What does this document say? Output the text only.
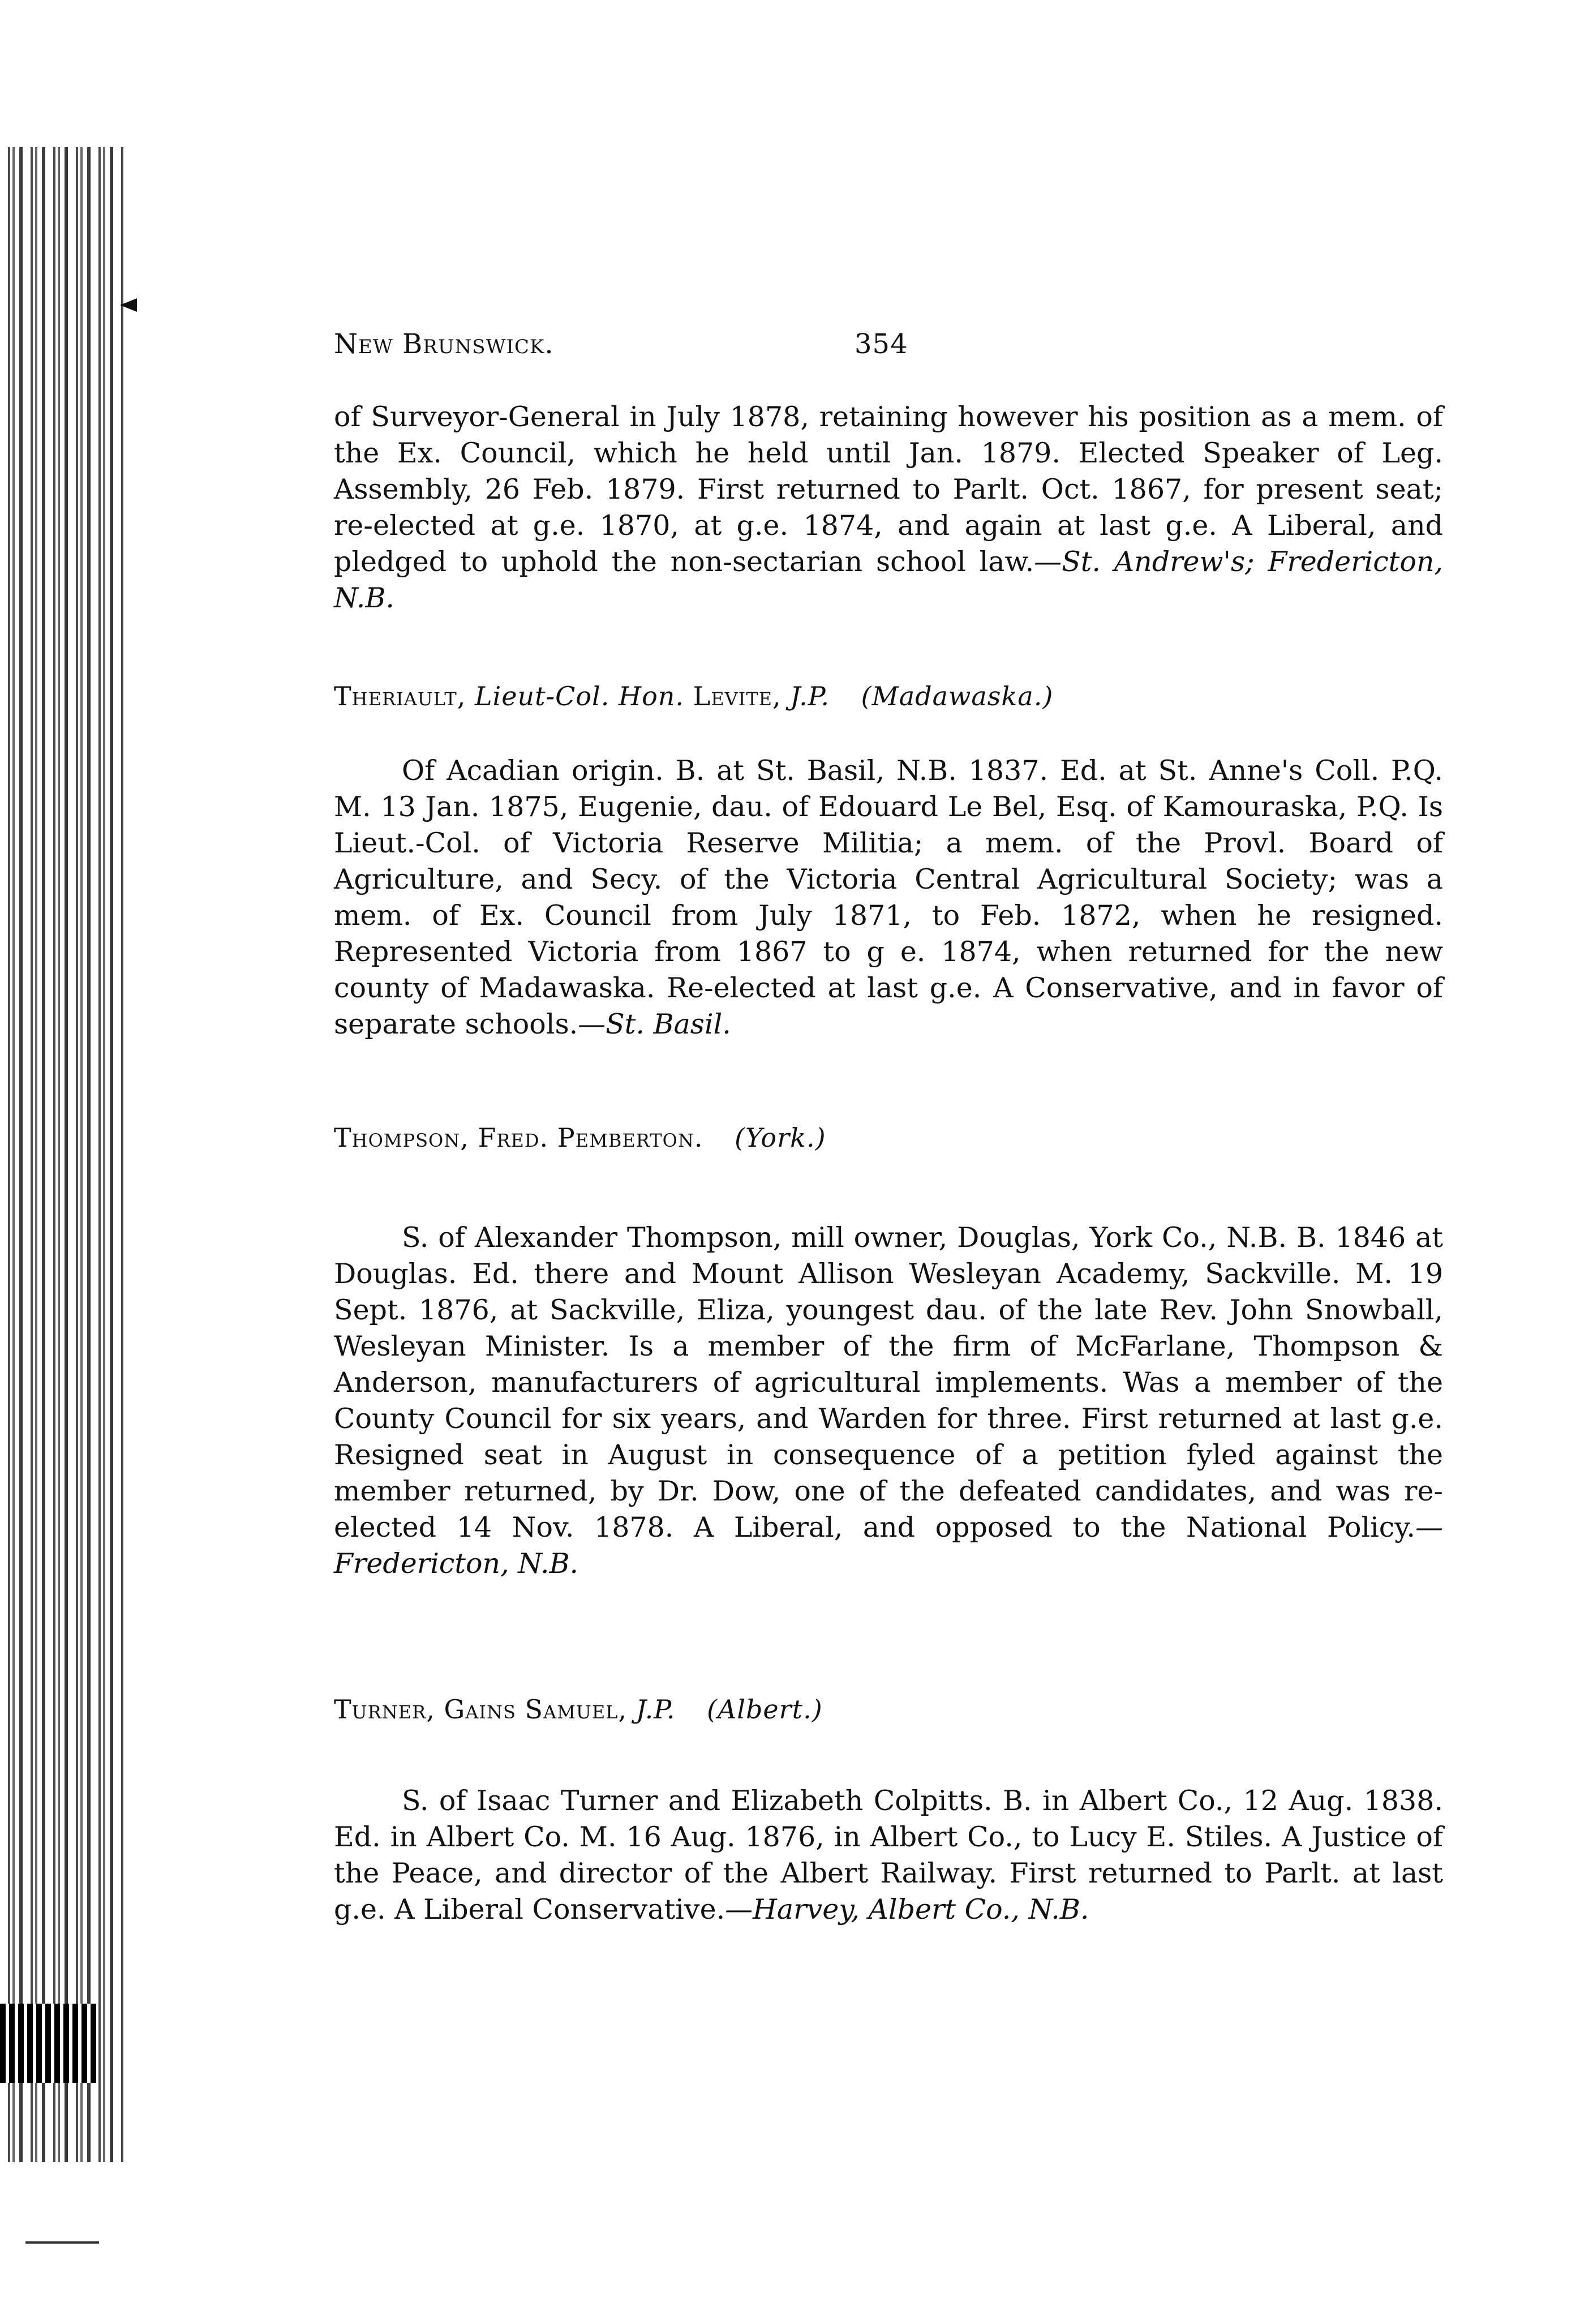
New Brunswick.	354

of Surveyor-General in July 1878, retaining however his position as a mem. of the Ex. Council, which he held until Jan. 1879. Elected Speaker of Leg. Assembly, 26 Feb. 1879. First returned to Parlt. Oct. 1867, for present seat; re-elected at g.e. 1870, at g.e. 1874, and again at last g.e. A Liberal, and pledged to uphold the non-sectarian school law.—St. Andrew's; Fredericton, N.B.

Theriault, Lieut-Col. Hon. Levite, J.P. (Madawaska.)

Of Acadian origin. B. at St. Basil, N.B. 1837. Ed. at St. Anne's Coll. P.Q. M. 13 Jan. 1875, Eugenie, dau. of Edouard Le Bel, Esq. of Kamouraska, P.Q. Is Lieut.-Col. of Victoria Reserve Militia; a mem. of the Provl. Board of Agriculture, and Secy. of the Victoria Central Agricultural Society; was a mem. of Ex. Council from July 1871, to Feb. 1872, when he resigned. Represented Victoria from 1867 to g e. 1874, when returned for the new county of Madawaska. Re-elected at last g.e. A Conservative, and in favor of separate schools.—St. Basil.

Thompson, Fred. Pemberton. (York.)

S. of Alexander Thompson, mill owner, Douglas, York Co., N.B. B. 1846 at Douglas. Ed. there and Mount Allison Wesleyan Academy, Sackville. M. 19 Sept. 1876, at Sackville, Eliza, youngest dau. of the late Rev. John Snowball, Wesleyan Minister. Is a member of the firm of McFarlane, Thompson & Anderson, manufacturers of agricultural implements. Was a member of the County Council for six years, and Warden for three. First returned at last g.e. Resigned seat in August in consequence of a petition fyled against the member returned, by Dr. Dow, one of the defeated candidates, and was re-elected 14 Nov. 1878. A Liberal, and opposed to the National Policy.—Fredericton, N.B.

Turner, Gains Samuel, J.P. (Albert.)

S. of Isaac Turner and Elizabeth Colpitts. B. in Albert Co., 12 Aug. 1838. Ed. in Albert Co. M. 16 Aug. 1876, in Albert Co., to Lucy E. Stiles. A Justice of the Peace, and director of the Albert Railway. First returned to Parlt. at last g.e. A Liberal Conservative.—Harvey, Albert Co., N.B.
